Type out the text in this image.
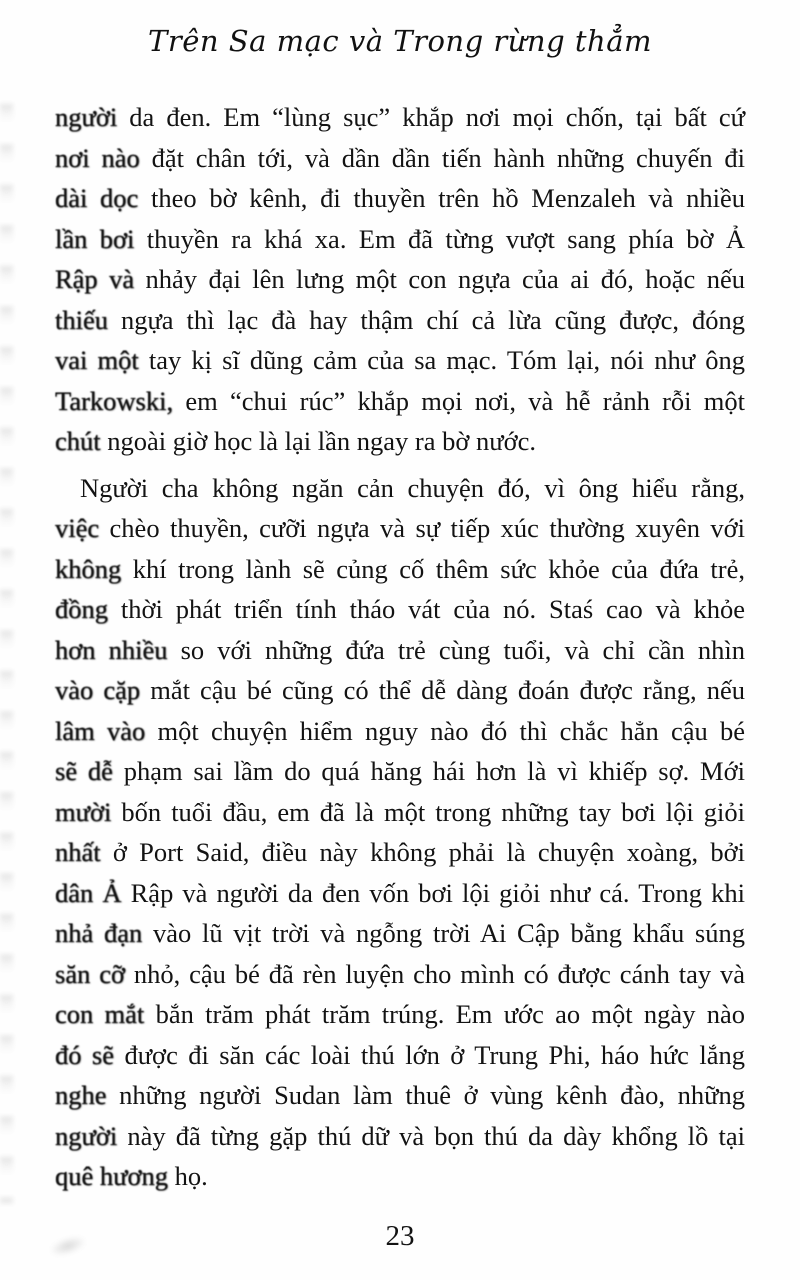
Trên Sa mạc và Trong rừng thẳm
người da đen. Em “lùng sục” khắp nơi mọi chốn, tại bất cứ
nơi nào đặt chân tới, và dần dần tiến hành những chuyến đi
dài dọc theo bờ kênh, đi thuyền trên hồ Menzaleh và nhiều
lần bơi thuyền ra khá xa. Em đã từng vượt sang phía bờ Ả
Rập và nhảy đại lên lưng một con ngựa của ai đó, hoặc nếu
thiếu ngựa thì lạc đà hay thậm chí cả lừa cũng được, đóng
vai một tay kị sĩ dũng cảm của sa mạc. Tóm lại, nói như ông
Tarkowski, em “chui rúc” khắp mọi nơi, và hễ rảnh rỗi một
chút ngoài giờ học là lại lần ngay ra bờ nước.
Người cha không ngăn cản chuyện đó, vì ông hiểu rằng,
việc chèo thuyền, cưỡi ngựa và sự tiếp xúc thường xuyên với
không khí trong lành sẽ củng cố thêm sức khỏe của đứa trẻ,
đồng thời phát triển tính tháo vát của nó. Staś cao và khỏe
hơn nhiều so với những đứa trẻ cùng tuổi, và chỉ cần nhìn
vào cặp mắt cậu bé cũng có thể dễ dàng đoán được rằng, nếu
lâm vào một chuyện hiểm nguy nào đó thì chắc hẳn cậu bé
sẽ dễ phạm sai lầm do quá hăng hái hơn là vì khiếp sợ. Mới
mười bốn tuổi đầu, em đã là một trong những tay bơi lội giỏi
nhất ở Port Said, điều này không phải là chuyện xoàng, bởi
dân Ả Rập và người da đen vốn bơi lội giỏi như cá. Trong khi
nhả đạn vào lũ vịt trời và ngỗng trời Ai Cập bằng khẩu súng
săn cỡ nhỏ, cậu bé đã rèn luyện cho mình có được cánh tay và
con mắt bắn trăm phát trăm trúng. Em ước ao một ngày nào
đó sẽ được đi săn các loài thú lớn ở Trung Phi, háo hức lắng
nghe những người Sudan làm thuê ở vùng kênh đào, những
người này đã từng gặp thú dữ và bọn thú da dày khổng lồ tại
quê hương họ.
23
